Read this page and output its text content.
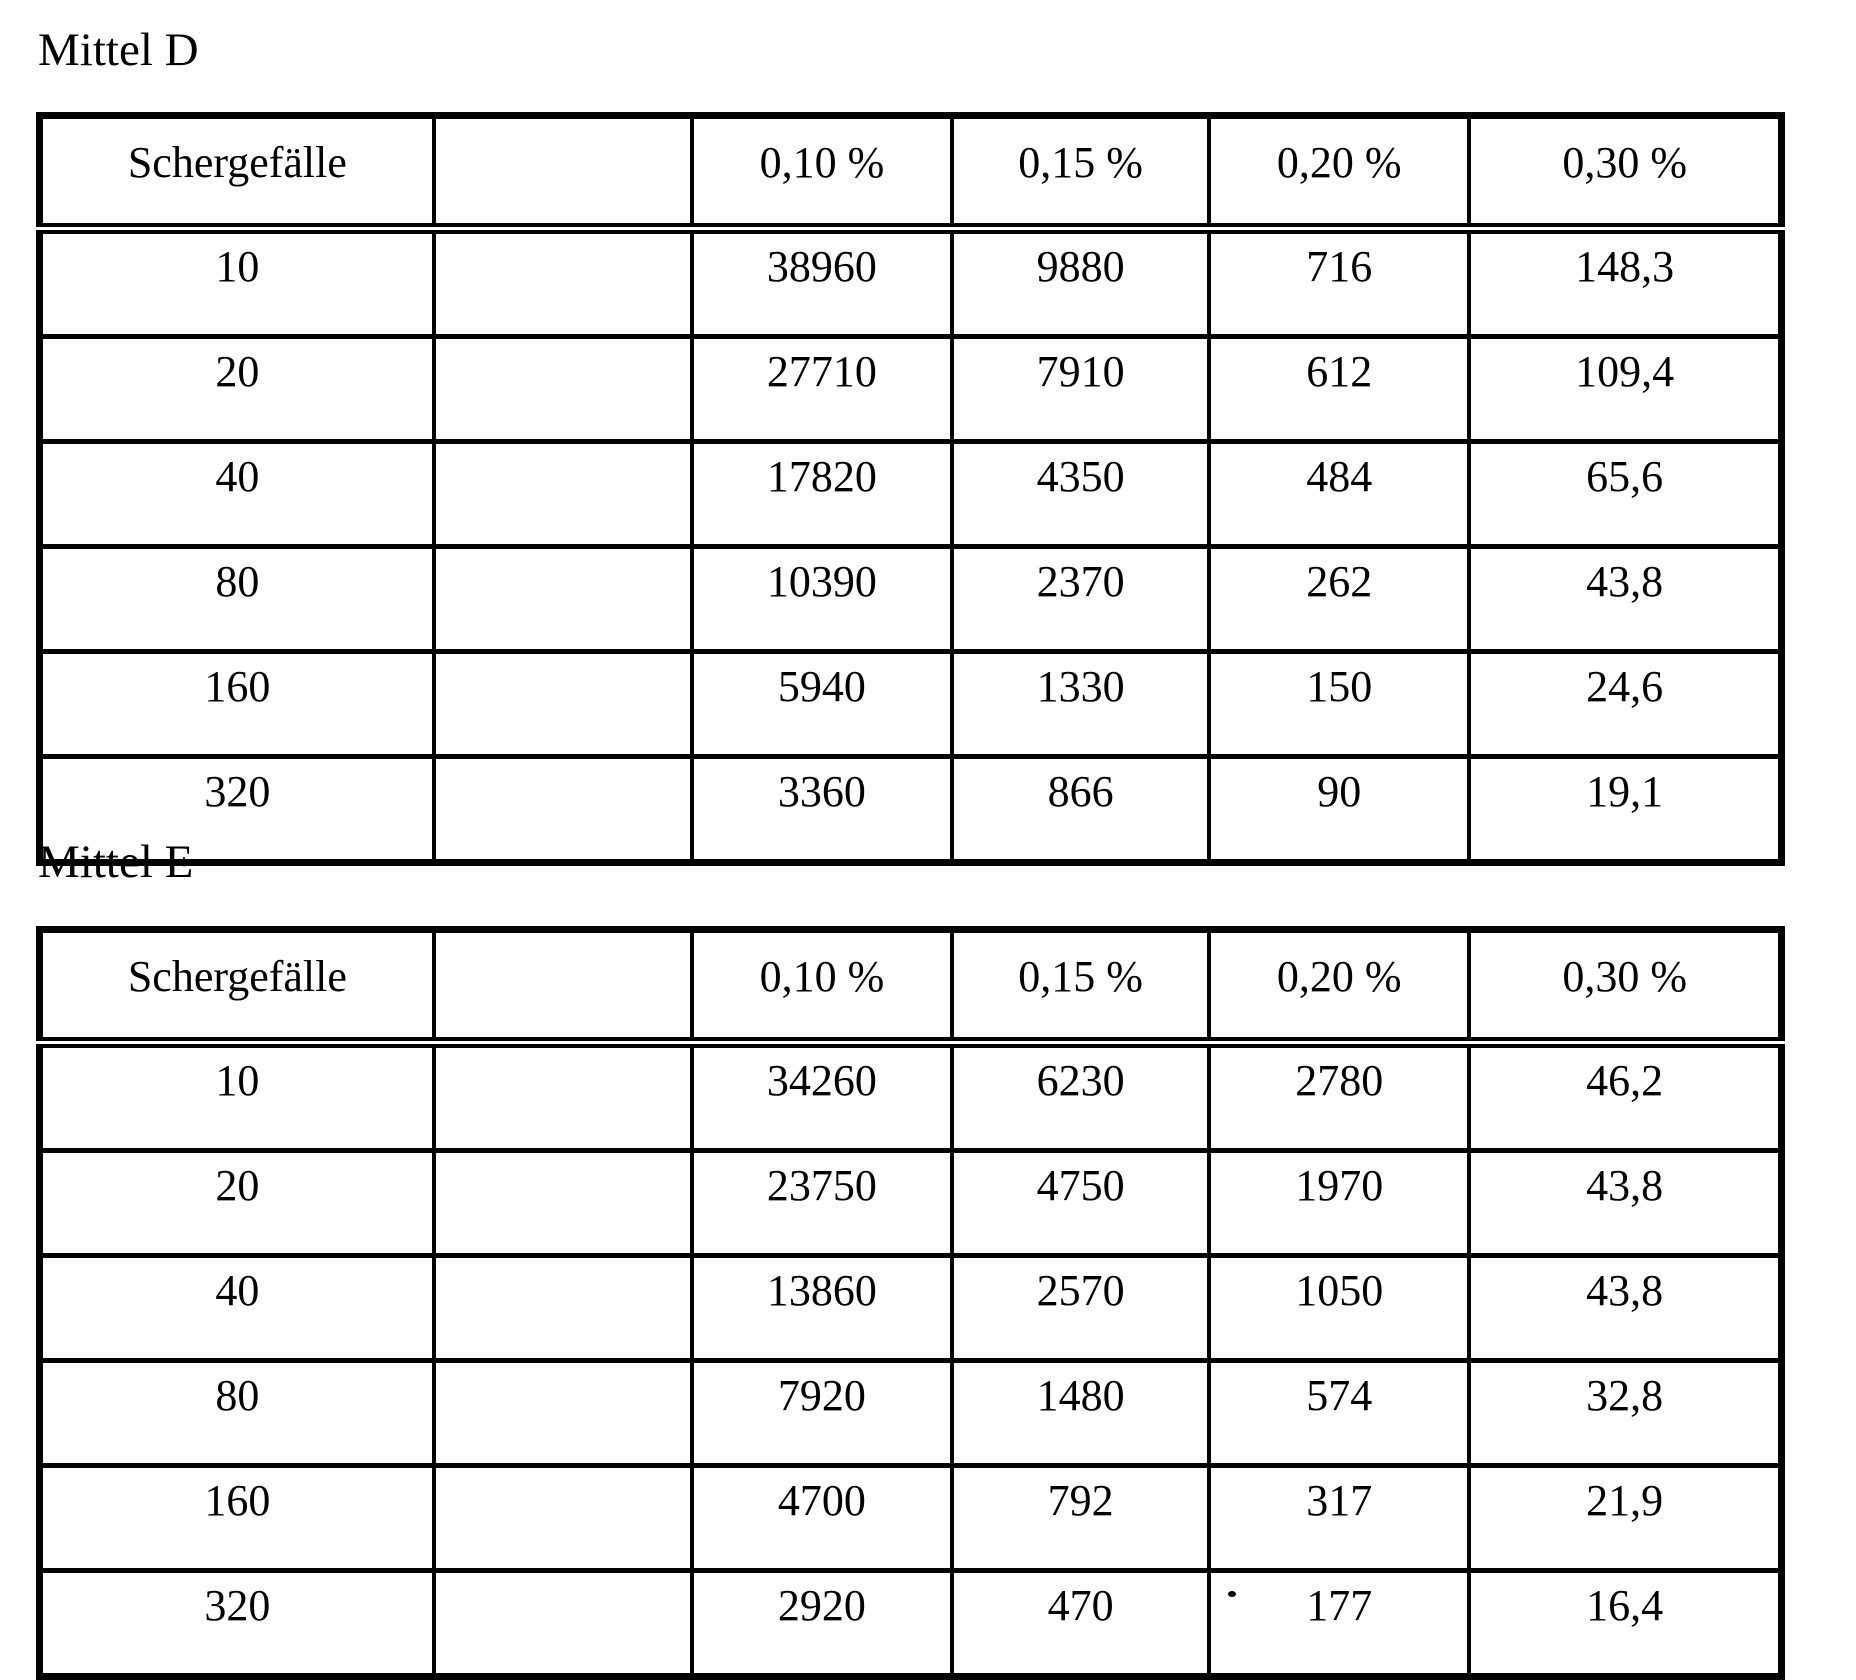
Mittel D
Schergefälle		0,10 %	0,15 %	0,20 %	0,30 %
10		38960	9880	716	148,3
20		27710	7910	612	109,4
40		17820	4350	484	65,6
80		10390	2370	262	43,8
160		5940	1330	150	24,6
320		3360	866	90	19,1
Mittel E
Schergefälle		0,10 %	0,15 %	0,20 %	0,30 %
10		34260	6230	2780	46,2
20		23750	4750	1970	43,8
40		13860	2570	1050	43,8
80		7920	1480	574	32,8
160		4700	792	317	21,9
320		2920	470	177	16,4
